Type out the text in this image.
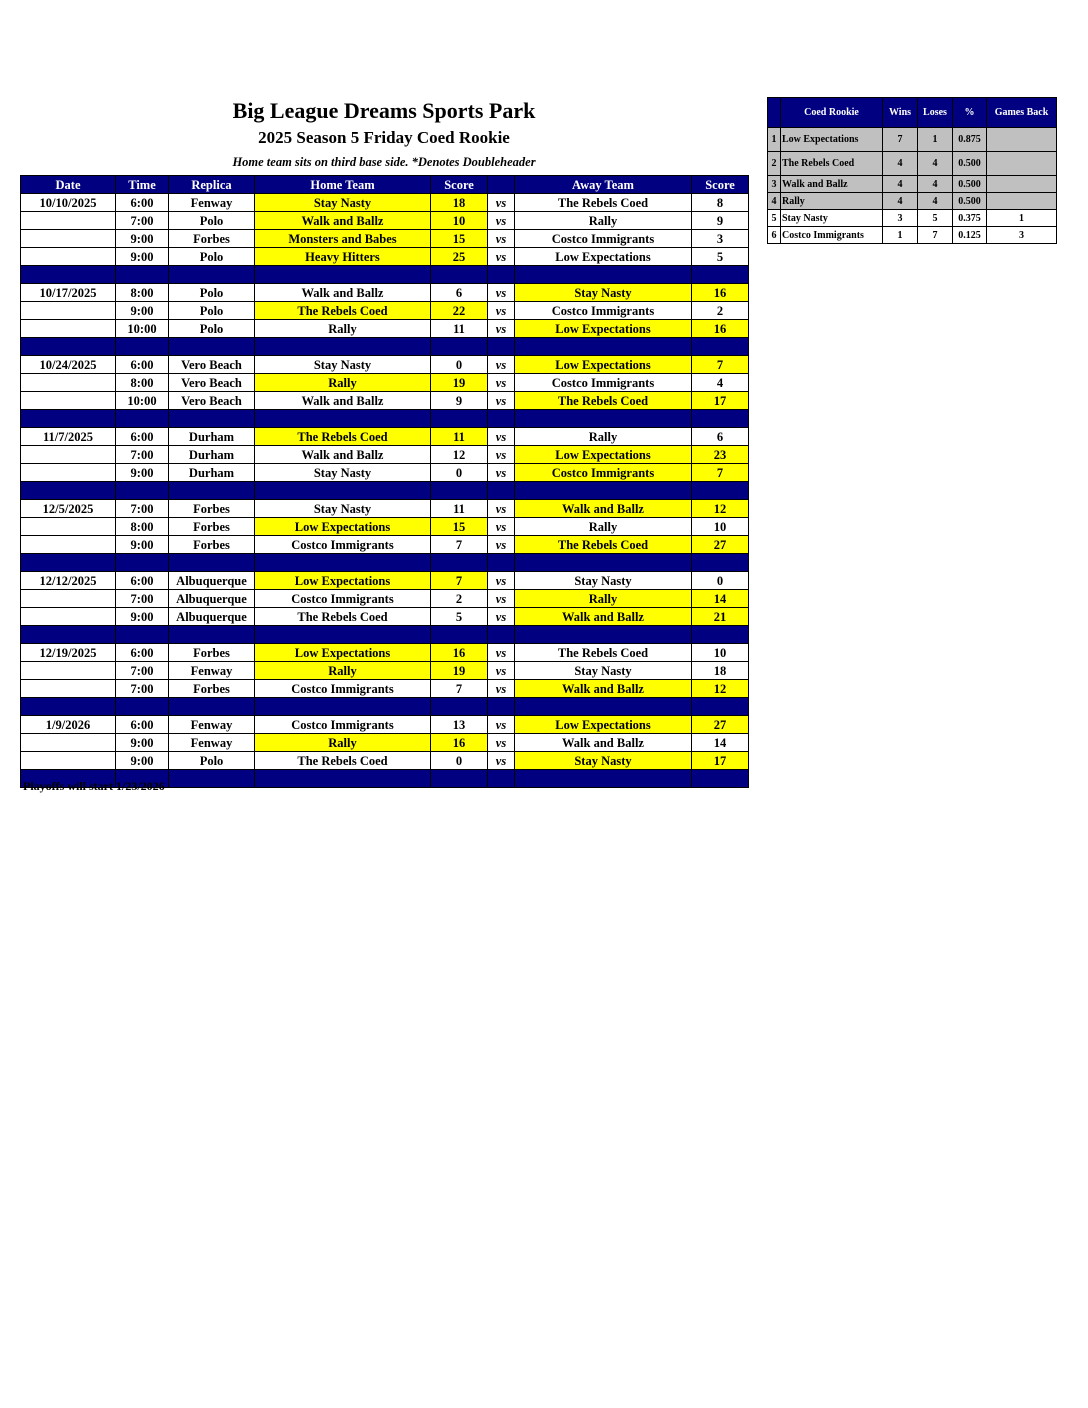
Big League Dreams Sports Park
2025 Season 5 Friday Coed Rookie
Home team sits on third base side. *Denotes Doubleheader
Date	Time	Replica	Home Team	Score		Away Team	Score
10/10/2025	6:00	Fenway	Stay Nasty	18	vs	The Rebels Coed	8
	7:00	Polo	Walk and Ballz	10	vs	Rally	9
	9:00	Forbes	Monsters and Babes	15	vs	Costco Immigrants	3
	9:00	Polo	Heavy Hitters	25	vs	Low Expectations	5

10/17/2025	8:00	Polo	Walk and Ballz	6	vs	Stay Nasty	16
	9:00	Polo	The Rebels Coed	22	vs	Costco Immigrants	2
	10:00	Polo	Rally	11	vs	Low Expectations	16

10/24/2025	6:00	Vero Beach	Stay Nasty	0	vs	Low Expectations	7
	8:00	Vero Beach	Rally	19	vs	Costco Immigrants	4
	10:00	Vero Beach	Walk and Ballz	9	vs	The Rebels Coed	17

11/7/2025	6:00	Durham	The Rebels Coed	11	vs	Rally	6
	7:00	Durham	Walk and Ballz	12	vs	Low Expectations	23
	9:00	Durham	Stay Nasty	0	vs	Costco Immigrants	7

12/5/2025	7:00	Forbes	Stay Nasty	11	vs	Walk and Ballz	12
	8:00	Forbes	Low Expectations	15	vs	Rally	10
	9:00	Forbes	Costco Immigrants	7	vs	The Rebels Coed	27

12/12/2025	6:00	Albuquerque	Low Expectations	7	vs	Stay Nasty	0
	7:00	Albuquerque	Costco Immigrants	2	vs	Rally	14
	9:00	Albuquerque	The Rebels Coed	5	vs	Walk and Ballz	21

12/19/2025	6:00	Forbes	Low Expectations	16	vs	The Rebels Coed	10
	7:00	Fenway	Rally	19	vs	Stay Nasty	18
	7:00	Forbes	Costco Immigrants	7	vs	Walk and Ballz	12

1/9/2026	6:00	Fenway	Costco Immigrants	13	vs	Low Expectations	27
	9:00	Fenway	Rally	16	vs	Walk and Ballz	14
	9:00	Polo	The Rebels Coed	0	vs	Stay Nasty	17

Playoffs will start 1/23/2026
	Coed Rookie	Wins	Loses	%	Games Back
1	Low Expectations	7	1	0.875	
2	The Rebels Coed	4	4	0.500	
3	Walk and Ballz	4	4	0.500	
4	Rally	4	4	0.500	
5	Stay Nasty	3	5	0.375	1
6	Costco Immigrants	1	7	0.125	3
